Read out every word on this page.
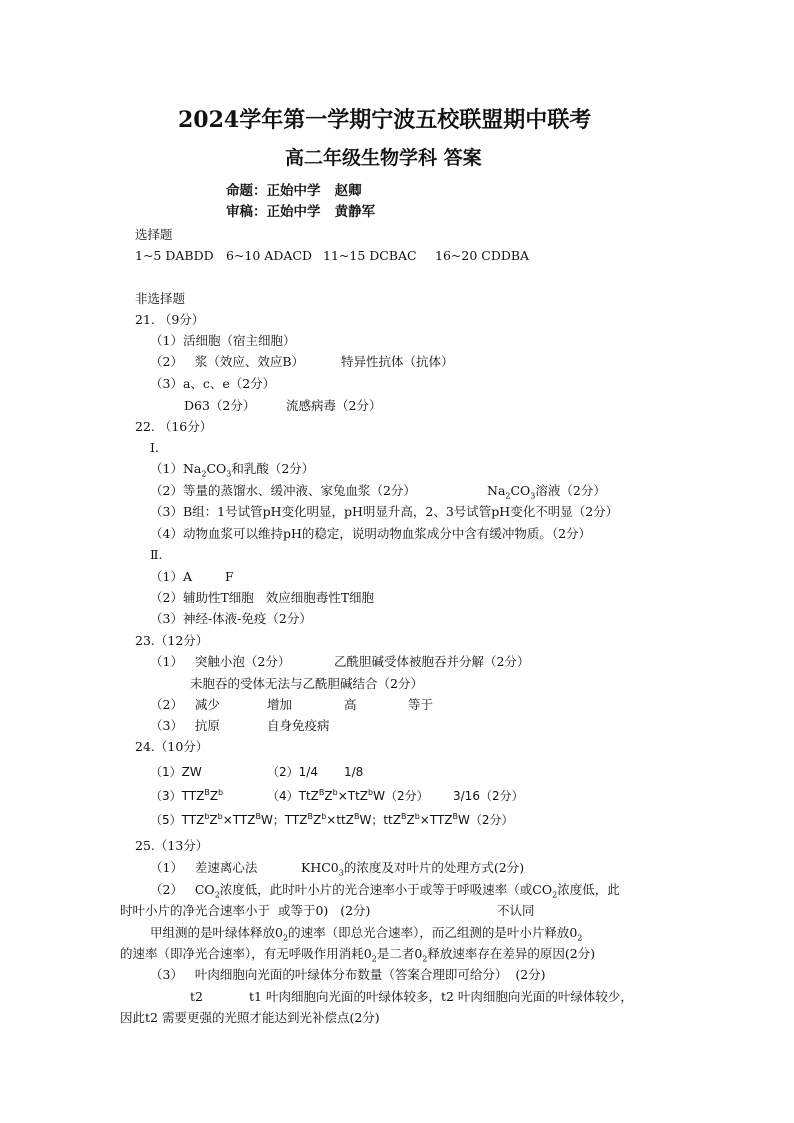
2024学年第一学期宁波五校联盟期中联考
高二年级生物学科 答案
命题：正始中学   赵卿
审稿：正始中学   黄静军
选择题
1~5 DABDD 6~10 ADACD 11~15 DCBAC 16~20 CDDBA
非选择题
21. （9分）
（1）活细胞（宿主细胞）
（2）   浆（效应、效应B）	特异性抗体（抗体）
（3）a、c、e（2分）
D63（2分） 流感病毒（2分）
22. （16分）
Ⅰ.
$(1)Na_2CO_3$和乳酸（2分）
（2）等量的蒸馏水、缓冲液、家兔血浆（2分）	$Na_2CO_3$溶液（2分）
（3）B组：1号试管pH变化明显，pH明显升高，2、3号试管pH变化不明显（2分）
（4）动物血浆可以维持pH的稳定，说明动物血浆成分中含有缓冲物质。（2分）
Ⅱ.
（1）A	F
（2）辅助性T细胞   效应细胞毒性T细胞
（3）神经-体液-免疫（2分）
23.（12分）
（1）   突触小泡（2分）	乙酰胆碱受体被胞吞并分解（2分）
未胞吞的受体无法与乙酰胆碱结合（2分）
（2）   减少	增加	高	等于
（3）   抗原	自身免疫病
24.（10分）
（1）ZW	（2）1/4 1/8
$(3)TTZ^BZ^b$	$(4)TtZ^BZ^b\times TtZ^bW(2$分） 3/16（2分）
$(5)TTZ^bZ^b\times TTZ^BW$；$TTZ^BZ^b\times ttZ^BW$；$ttZ^BZ^b\times TTZ^BW(2$分）
25.（13分）
（1）   差速离心法	$KHC0_3$的浓度及对叶片的处理方式(2分)
（2）   $CO_2$浓度低，此时叶小片的光合速率小于或等于呼吸速率（或$CO_2$浓度低，此
时叶小片的净光合速率小于  或等于0)   (2分)	不认同
甲组测的是叶绿体释放$0_2$的速率（即总光合速率），而乙组测的是叶小片释放$0_2$
的速率（即净光合速率），有无呼吸作用消耗$0_2$是二者$0_2$释放速率存在差异的原因(2分)
（3）   叶肉细胞向光面的叶绿体分布数量（答案合理即可给分）  (2分)
t2	t1 叶肉细胞向光面的叶绿体较多，t2 叶肉细胞向光面的叶绿体较少，
因此t2 需要更强的光照才能达到光补偿点(2分)
